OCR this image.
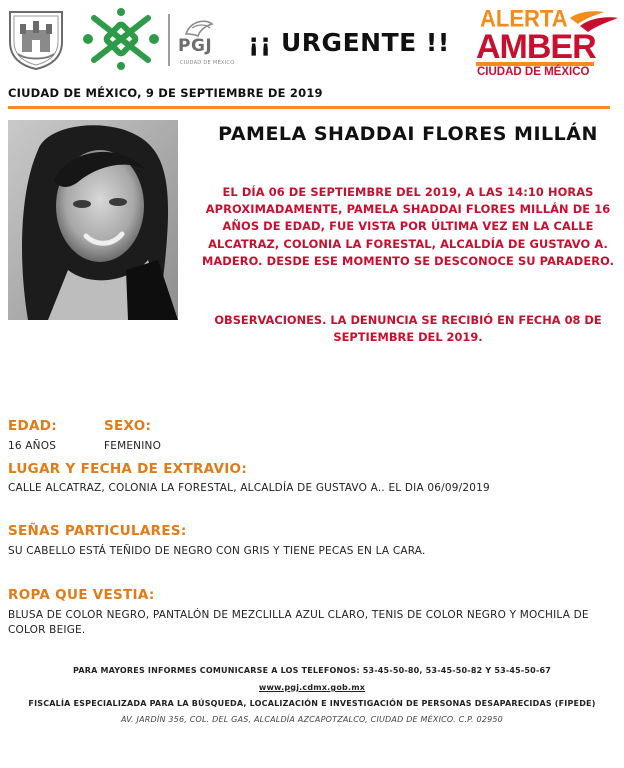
PGJ
CIUDAD DE MÉXICO
¡¡ URGENTE !!
ALERTA
AMBER
CIUDAD DE MÉXICO
CIUDAD DE MÉXICO, 9 DE SEPTIEMBRE DE 2019
PAMELA SHADDAI FLORES MILLÁN
EL DÍA 06 DE SEPTIEMBRE DEL 2019, A LAS 14:10 HORAS APROXIMADAMENTE, PAMELA SHADDAI FLORES MILLÁN DE 16 AÑOS DE EDAD, FUE VISTA POR ÚLTIMA VEZ EN LA CALLE ALCATRAZ, COLONIA LA FORESTAL, ALCALDÍA DE GUSTAVO A. MADERO. DESDE ESE MOMENTO SE DESCONOCE SU PARADERO.
OBSERVACIONES. LA DENUNCIA SE RECIBIÓ EN FECHA 08 DE SEPTIEMBRE DEL 2019.
EDAD:
16 AÑOS
SEXO:
FEMENINO
LUGAR Y FECHA DE EXTRAVIO:
CALLE ALCATRAZ, COLONIA LA FORESTAL, ALCALDÍA DE GUSTAVO A.. EL DIA 06/09/2019
SEÑAS PARTICULARES:
SU CABELLO ESTÁ TEÑIDO DE NEGRO CON GRIS Y TIENE PECAS EN LA CARA.
ROPA QUE VESTIA:
BLUSA DE COLOR NEGRO, PANTALÓN DE MEZCLILLA AZUL CLARO, TENIS DE COLOR NEGRO Y MOCHILA DE COLOR BEIGE.
PARA MAYORES INFORMES COMUNICARSE A LOS TELEFONOS: 53-45-50-80, 53-45-50-82 Y 53-45-50-67
www.pgj.cdmx.gob.mx
FISCALÍA ESPECIALIZADA PARA LA BÚSQUEDA, LOCALIZACIÓN E INVESTIGACIÓN DE PERSONAS DESAPARECIDAS (FIPEDE)
AV. JARDÍN 356, COL. DEL GAS, ALCALDÍA AZCAPOTZALCO, CIUDAD DE MÉXICO. C.P. 02950
